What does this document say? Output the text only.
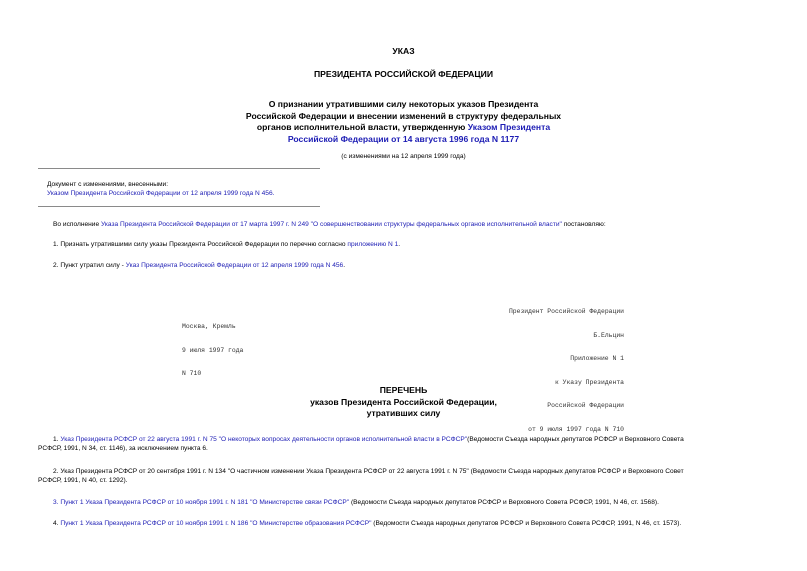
УКАЗ
ПРЕЗИДЕНТА РОССИЙСКОЙ ФЕДЕРАЦИИ
О признании утратившими силу некоторых указов Президента
Российской Федерации и внесении изменений в структуру федеральных
органов исполнительной власти, утвержденную Указом Президента
Российской Федерации от 14 августа 1996 года N 1177
(с изменениями на 12 апреля 1999 года)
Документ с изменениями, внесенными:
Указом Президента Российской Федерации от 12 апреля 1999 года N 456.
Во исполнение Указа Президента Российской Федерации от 17 марта 1997 г. N 249 "О совершенствовании структуры федеральных органов исполнительной власти" постановляю:
1. Признать утратившими силу указы Президента Российской Федерации по перечню согласно приложению N 1.
2. Пункт утратил силу - Указ Президента Российской Федерации от 12 апреля 1999 года N 456.

Президент Российской Федерации

Б.Ельцин

Москва, Кремль

9 июля 1997 года

N 710

Приложение N 1

к Указу Президента

Российской Федерации

от 9 июля 1997 года N 710

ПЕРЕЧЕНЬ
указов Президента Российской Федерации,
утративших силу
1. Указ Президента РСФСР от 22 августа 1991 г. N 75 "О некоторых вопросах деятельности органов исполнительной власти в РСФСР"(Ведомости Съезда народных депутатов РСФСР и Верховного Совета
РСФСР, 1991, N 34, ст. 1146), за исключением пункта 6.
2. Указ Президента РСФСР от 20 сентября 1991 г. N 134 "О частичном изменении Указа Президента РСФСР от 22 августа 1991 г. N 75" (Ведомости Съезда народных депутатов РСФСР и Верховного Совет
РСФСР, 1991, N 40, ст. 1292).
3. Пункт 1 Указа Президента РСФСР от 10 ноября 1991 г. N 181 "О Министерстве связи РСФСР" (Ведомости Съезда народных депутатов РСФСР и Верховного Совета РСФСР, 1991, N 46, ст. 1568).
4. Пункт 1 Указа Президента РСФСР от 10 ноября 1991 г. N 186 "О Министерстве образования РСФСР" (Ведомости Съезда народных депутатов РСФСР и Верховного Совета РСФСР, 1991, N 46, ст. 1573).
